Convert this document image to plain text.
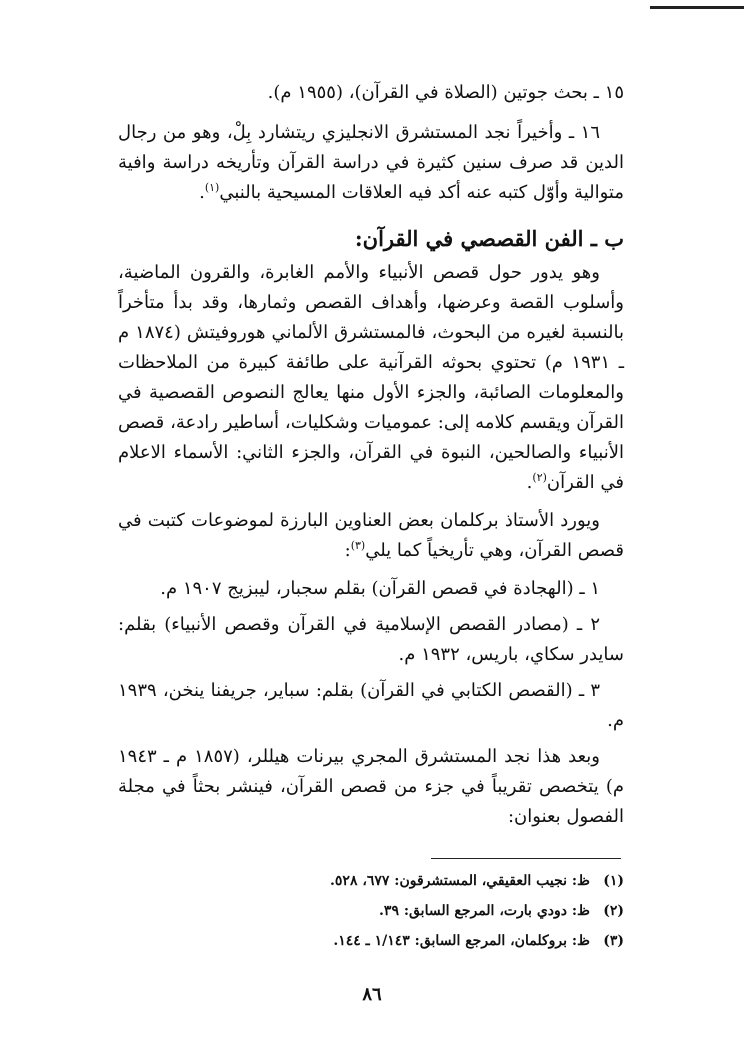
١٥ ـ بحث جوتين (الصلاة في القرآن)، (١٩٥٥ م).

١٦ ـ وأخيراً نجد المستشرق الانجليزي ريتشارد بِلْ، وهو من رجال الدين قد صرف سنين كثيرة في دراسة القرآن وتأريخه دراسة وافية متوالية وأوّل كتبه عنه أكد فيه العلاقات المسيحية بالنبي$^{(١)}$.

ب ـ الفن القصصي في القرآن:

وهو يدور حول قصص الأنبياء والأمم الغابرة، والقرون الماضية، وأسلوب القصة وعرضها، وأهداف القصص وثمارها، وقد بدأ متأخراً بالنسبة لغيره من البحوث، فالمستشرق الألماني هوروفيتش (١٨٧٤ م ـ ١٩٣١ م) تحتوي بحوثه القرآنية على طائفة كبيرة من الملاحظات والمعلومات الصائبة، والجزء الأول منها يعالج النصوص القصصية في القرآن ويقسم كلامه إلى: عموميات وشكليات، أساطير رادعة، قصص الأنبياء والصالحين، النبوة في القرآن، والجزء الثاني: الأسماء الاعلام في القرآن$^{(٢)}$.

ويورد الأستاذ بركلمان بعض العناوين البارزة لموضوعات كتبت في قصص القرآن، وهي تأريخياً كما يلي$^{(٣)}$:

١ ـ (الهجادة في قصص القرآن) بقلم سجبار، ليبزيج ١٩٠٧ م.

٢ ـ (مصادر القصص الإسلامية في القرآن وقصص الأنبياء) بقلم: سايدر سكاي، باريس، ١٩٣٢ م.

٣ ـ (القصص الكتابي في القرآن) بقلم: سباير، جريفنا ينخن، ١٩٣٩ م.

وبعد هذا نجد المستشرق المجري بيرنات هيللر، (١٨٥٧ م ـ ١٩٤٣ م) يتخصص تقريباً في جزء من قصص القرآن، فينشر بحثاً في مجلة الفصول بعنوان:

(١)ظ: نجيب العقيقي، المستشرقون: ٦٧٧، ٥٢٨.
(٢)ظ: دودي بارت، المرجع السابق: ٣٩.
(٣)ظ: بروكلمان، المرجع السابق: ١/١٤٣ ـ ١٤٤.
٨٦
